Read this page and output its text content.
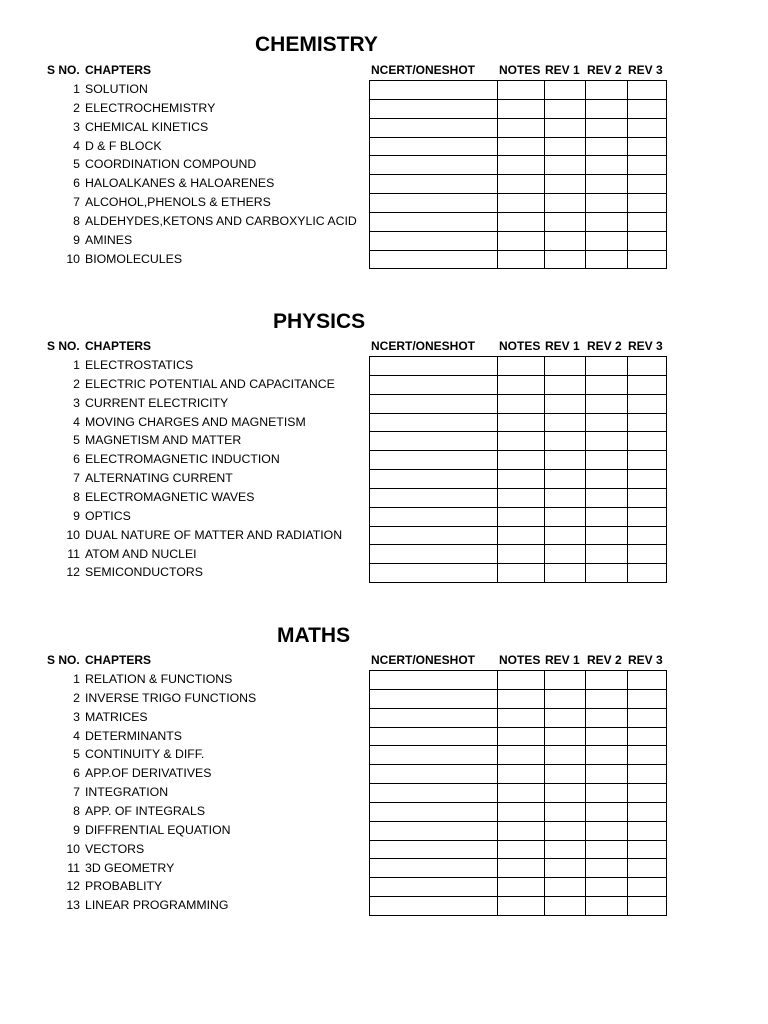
CHEMISTRY
S NO. CHAPTERS	NCERT/ONESHOT NOTES REV 1 REV 2 REV 3
1 SOLUTION
2 ELECTROCHEMISTRY
3 CHEMICAL KINETICS
4 D & F BLOCK
5 COORDINATION COMPOUND
6 HALOALKANES & HALOARENES
7 ALCOHOL,PHENOLS & ETHERS
8 ALDEHYDES,KETONS AND CARBOXYLIC ACID
9 AMINES
10 BIOMOLECULES

PHYSICS
S NO. CHAPTERS	NCERT/ONESHOT NOTES REV 1 REV 2 REV 3
1 ELECTROSTATICS
2 ELECTRIC POTENTIAL AND CAPACITANCE
3 CURRENT ELECTRICITY
4 MOVING CHARGES AND MAGNETISM
5 MAGNETISM AND MATTER
6 ELECTROMAGNETIC INDUCTION
7 ALTERNATING CURRENT
8 ELECTROMAGNETIC WAVES
9 OPTICS
10 DUAL NATURE OF MATTER AND RADIATION
11 ATOM AND NUCLEI
12 SEMICONDUCTORS

MATHS
S NO. CHAPTERS	NCERT/ONESHOT NOTES REV 1 REV 2 REV 3
1 RELATION & FUNCTIONS
2 INVERSE TRIGO FUNCTIONS
3 MATRICES
4 DETERMINANTS
5 CONTINUITY & DIFF.
6 APP.OF DERIVATIVES
7 INTEGRATION
8 APP. OF INTEGRALS
9 DIFFRENTIAL EQUATION
10 VECTORS
11 3D GEOMETRY
12 PROBABLITY
13 LINEAR PROGRAMMING
